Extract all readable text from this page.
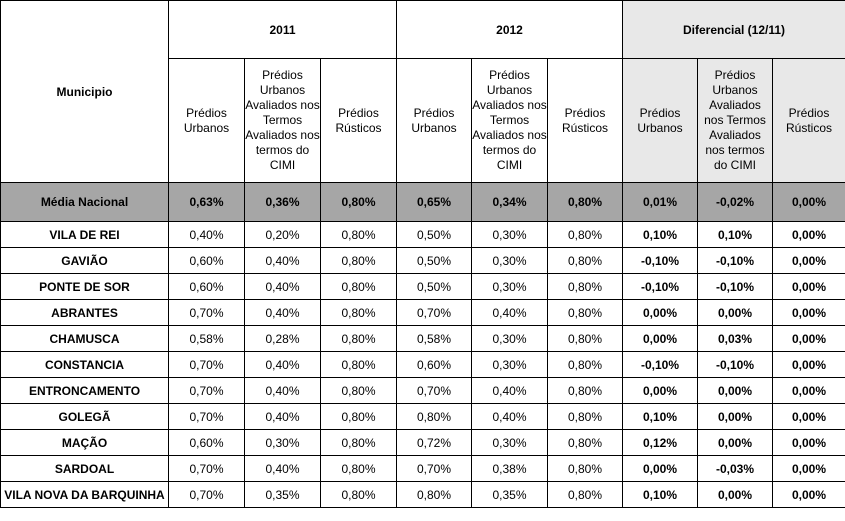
Municipio	2011			2012			Diferencial (12/11)		
	Prédios Urbanos	Prédios Urbanos Avaliados nos Termos Avaliados nos termos do CIMI	Prédios Rústicos	Prédios Urbanos	Prédios Urbanos Avaliados nos Termos Avaliados nos termos do CIMI	Prédios Rústicos	Prédios Urbanos	Prédios Urbanos Avaliados nos Termos Avaliados nos termos do CIMI	Prédios Rústicos
Média Nacional	0,63%	0,36%	0,80%	0,65%	0,34%	0,80%	0,01%	-0,02%	0,00%
VILA DE REI	0,40%	0,20%	0,80%	0,50%	0,30%	0,80%	0,10%	0,10%	0,00%
GAVIÃO	0,60%	0,40%	0,80%	0,50%	0,30%	0,80%	-0,10%	-0,10%	0,00%
PONTE DE SOR	0,60%	0,40%	0,80%	0,50%	0,30%	0,80%	-0,10%	-0,10%	0,00%
ABRANTES	0,70%	0,40%	0,80%	0,70%	0,40%	0,80%	0,00%	0,00%	0,00%
CHAMUSCA	0,58%	0,28%	0,80%	0,58%	0,30%	0,80%	0,00%	0,03%	0,00%
CONSTANCIA	0,70%	0,40%	0,80%	0,60%	0,30%	0,80%	-0,10%	-0,10%	0,00%
ENTRONCAMENTO	0,70%	0,40%	0,80%	0,70%	0,40%	0,80%	0,00%	0,00%	0,00%
GOLEGÃ	0,70%	0,40%	0,80%	0,80%	0,40%	0,80%	0,10%	0,00%	0,00%
MAÇÃO	0,60%	0,30%	0,80%	0,72%	0,30%	0,80%	0,12%	0,00%	0,00%
SARDOAL	0,70%	0,40%	0,80%	0,70%	0,38%	0,80%	0,00%	-0,03%	0,00%
VILA NOVA DA BARQUINHA	0,70%	0,35%	0,80%	0,80%	0,35%	0,80%	0,10%	0,00%	0,00%
